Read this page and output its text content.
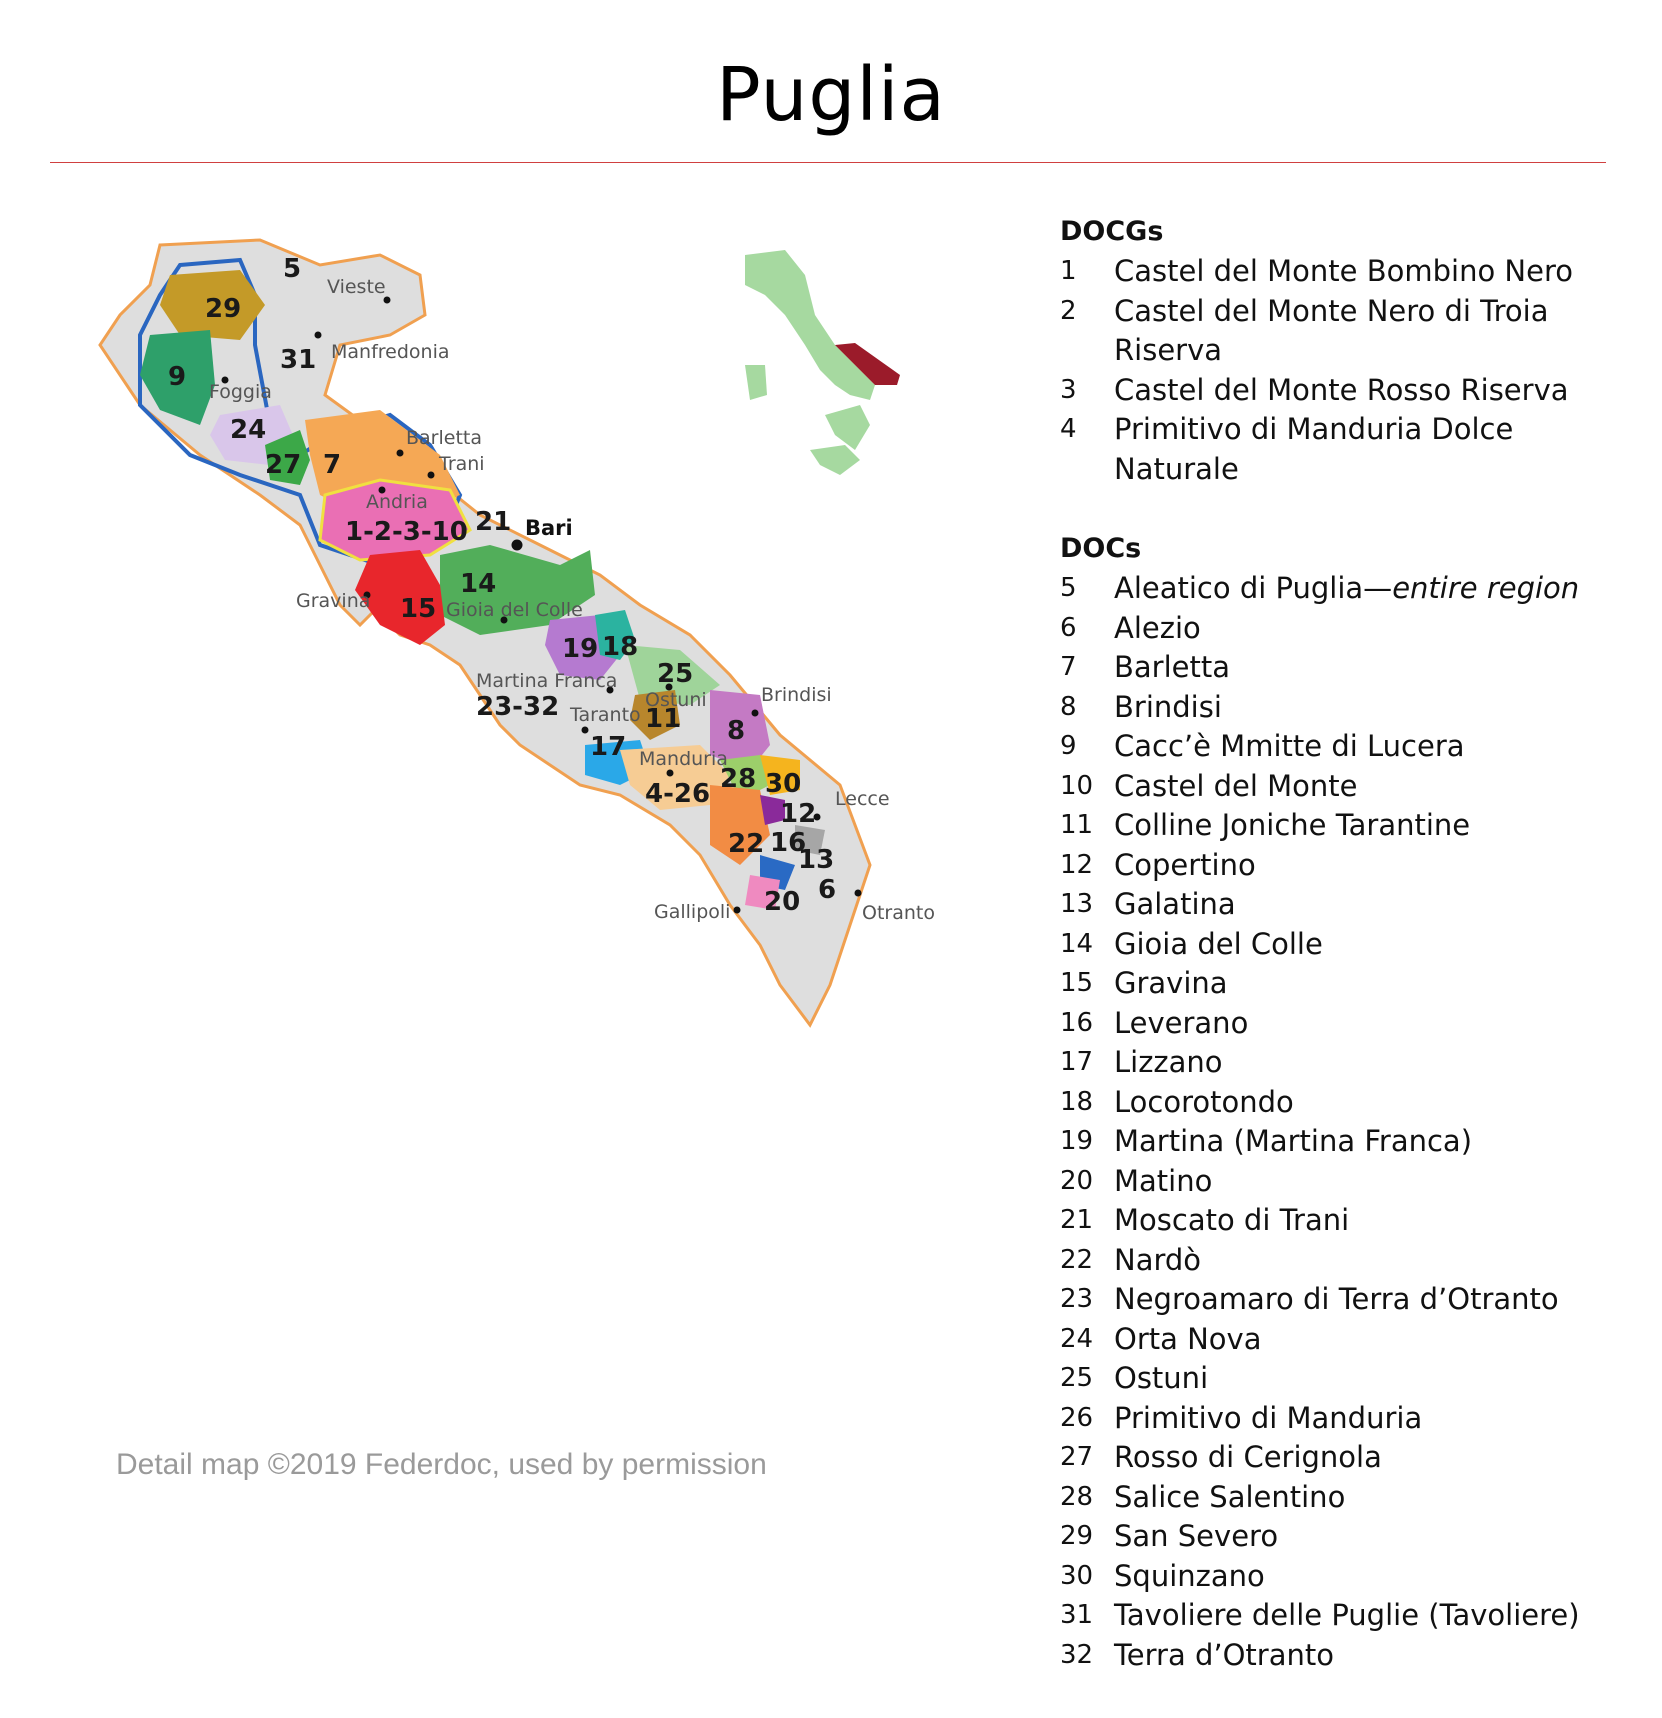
Puglia
Vieste
Manfredonia
Foggia
Barletta
Trani
Andria
Bari
Gravina	Gioia del Colle
Martina Franca
Ostuni
Taranto
Brindisi
Manduria
Lecce
Gallipoli	Otranto
5
29
9
31
24
27 7
1-2-3-10 21
14
15
19 18
25
23-32	11 8
17
28 30
4-26
12
22 16
13
6
20
Detail map ©2019 Federdoc, used by permission
DOCGs
1	Castel del Monte Bombino Nero
2	Castel del Monte Nero di Troia
Riserva
3	Castel del Monte Rosso Riserva
4	Primitivo di Manduria Dolce
Naturale
DOCs
5	Aleatico di Puglia—entire region
6	Alezio
7	Barletta
8	Brindisi
9	Cacc’è Mmitte di Lucera
10 Castel del Monte
11 Colline Joniche Tarantine
12 Copertino
13 Galatina
14 Gioia del Colle
15 Gravina
16 Leverano
17 Lizzano
18 Locorotondo
19 Martina (Martina Franca)
20 Matino
21 Moscato di Trani
22 Nardò
23 Negroamaro di Terra d’Otranto
24 Orta Nova
25 Ostuni
26 Primitivo di Manduria
27 Rosso di Cerignola
28 Salice Salentino
29 San Severo
30 Squinzano
31 Tavoliere delle Puglie (Tavoliere)
32 Terra d’Otranto
